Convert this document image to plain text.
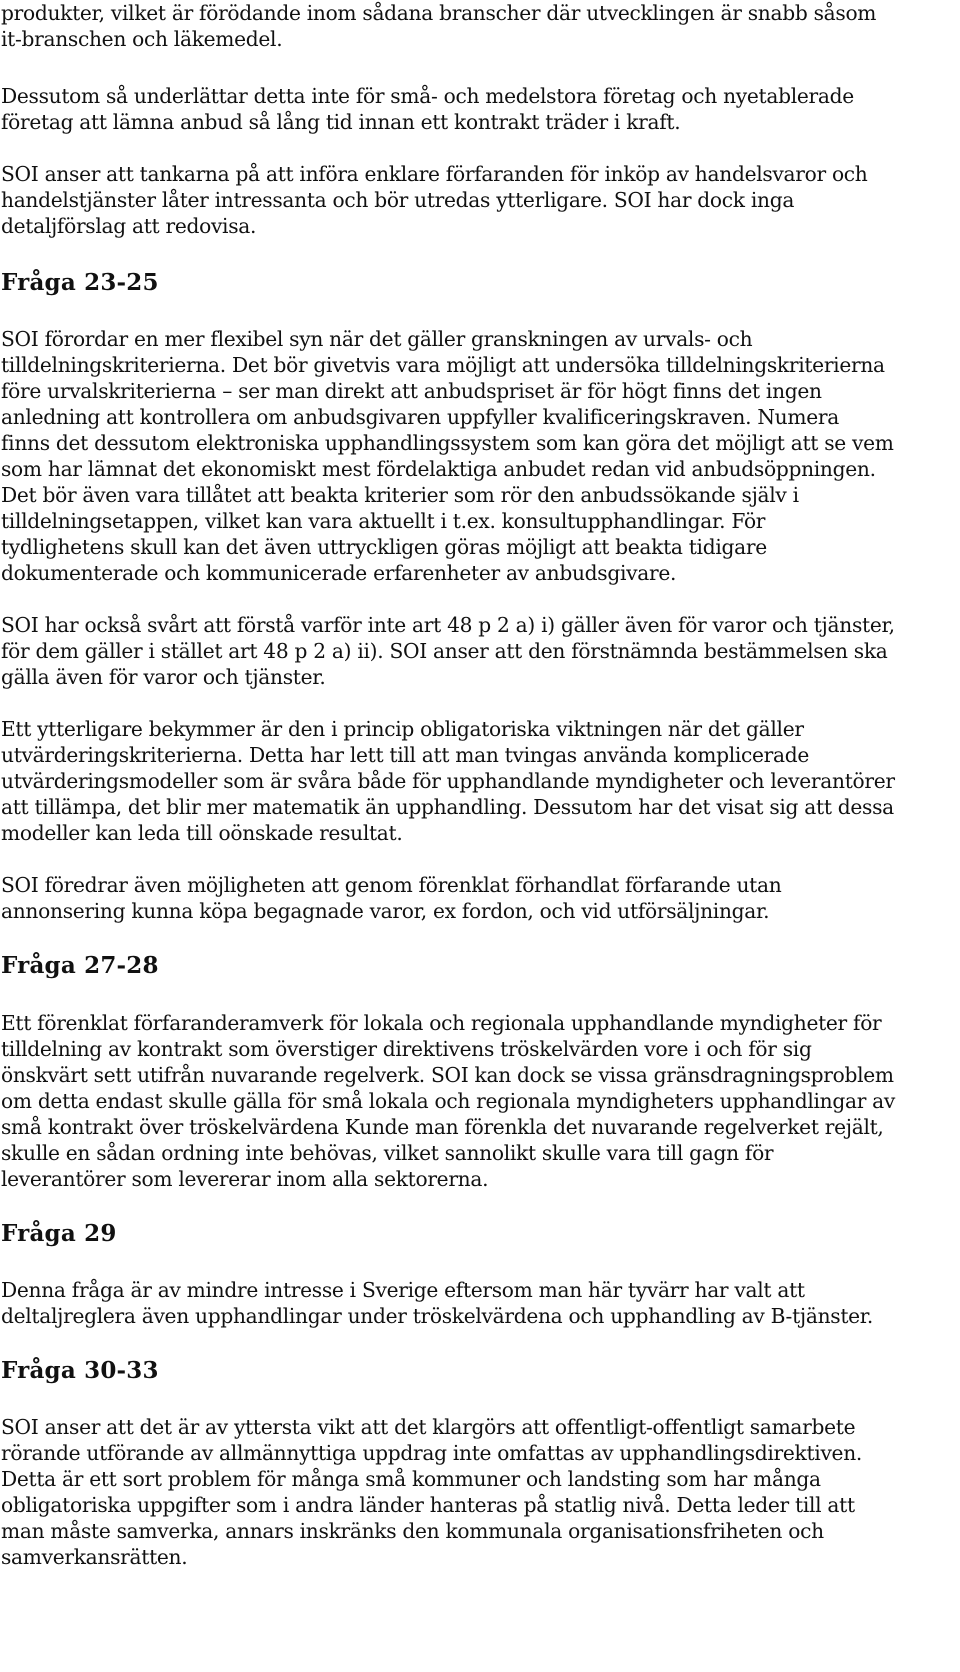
produkter, vilket är förödande inom sådana branscher där utvecklingen är snabb såsom

it-branschen och läkemedel.

Dessutom så underlättar detta inte för små- och medelstora företag och nyetablerade

företag att lämna anbud så lång tid innan ett kontrakt träder i kraft.

SOI anser att tankarna på att införa enklare förfaranden för inköp av handelsvaror och

handelstjänster låter intressanta och bör utredas ytterligare. SOI har dock inga

detaljförslag att redovisa.

Fråga 23-25

SOI förordar en mer flexibel syn när det gäller granskningen av urvals- och

tilldelningskriterierna. Det bör givetvis vara möjligt att undersöka tilldelningskriterierna

före urvalskriterierna – ser man direkt att anbudspriset är för högt finns det ingen

anledning att kontrollera om anbudsgivaren uppfyller kvalificeringskraven. Numera

finns det dessutom elektroniska upphandlingssystem som kan göra det möjligt att se vem

som har lämnat det ekonomiskt mest fördelaktiga anbudet redan vid anbudsöppningen.

Det bör även vara tillåtet att beakta kriterier som rör den anbudssökande själv i

tilldelningsetappen, vilket kan vara aktuellt i t.ex. konsultupphandlingar. För

tydlighetens skull kan det även uttryckligen göras möjligt att beakta tidigare

dokumenterade och kommunicerade erfarenheter av anbudsgivare.

SOI har också svårt att förstå varför inte art 48 p 2 a) i) gäller även för varor och tjänster,

för dem gäller i stället art 48 p 2 a) ii). SOI anser att den förstnämnda bestämmelsen ska

gälla även för varor och tjänster.

Ett ytterligare bekymmer är den i princip obligatoriska viktningen när det gäller

utvärderingskriterierna. Detta har lett till att man tvingas använda komplicerade

utvärderingsmodeller som är svåra både för upphandlande myndigheter och leverantörer

att tillämpa, det blir mer matematik än upphandling. Dessutom har det visat sig att dessa

modeller kan leda till oönskade resultat.

SOI föredrar även möjligheten att genom förenklat förhandlat förfarande utan

annonsering kunna köpa begagnade varor, ex fordon, och vid utförsäljningar.

Fråga 27-28

Ett förenklat förfaranderamverk för lokala och regionala upphandlande myndigheter för

tilldelning av kontrakt som överstiger direktivens tröskelvärden vore i och för sig

önskvärt sett utifrån nuvarande regelverk. SOI kan dock se vissa gränsdragningsproblem

om detta endast skulle gälla för små lokala och regionala myndigheters upphandlingar av

små kontrakt över tröskelvärdena Kunde man förenkla det nuvarande regelverket rejält,

skulle en sådan ordning inte behövas, vilket sannolikt skulle vara till gagn för

leverantörer som levererar inom alla sektorerna.

Fråga 29

Denna fråga är av mindre intresse i Sverige eftersom man här tyvärr har valt att

deltaljreglera även upphandlingar under tröskelvärdena och upphandling av B-tjänster.

Fråga 30-33

SOI anser att det är av yttersta vikt att det klargörs att offentligt-offentligt samarbete

rörande utförande av allmännyttiga uppdrag inte omfattas av upphandlingsdirektiven.

Detta är ett sort problem för många små kommuner och landsting som har många

obligatoriska uppgifter som i andra länder hanteras på statlig nivå. Detta leder till att

man måste samverka, annars inskränks den kommunala organisationsfriheten och

samverkansrätten.
